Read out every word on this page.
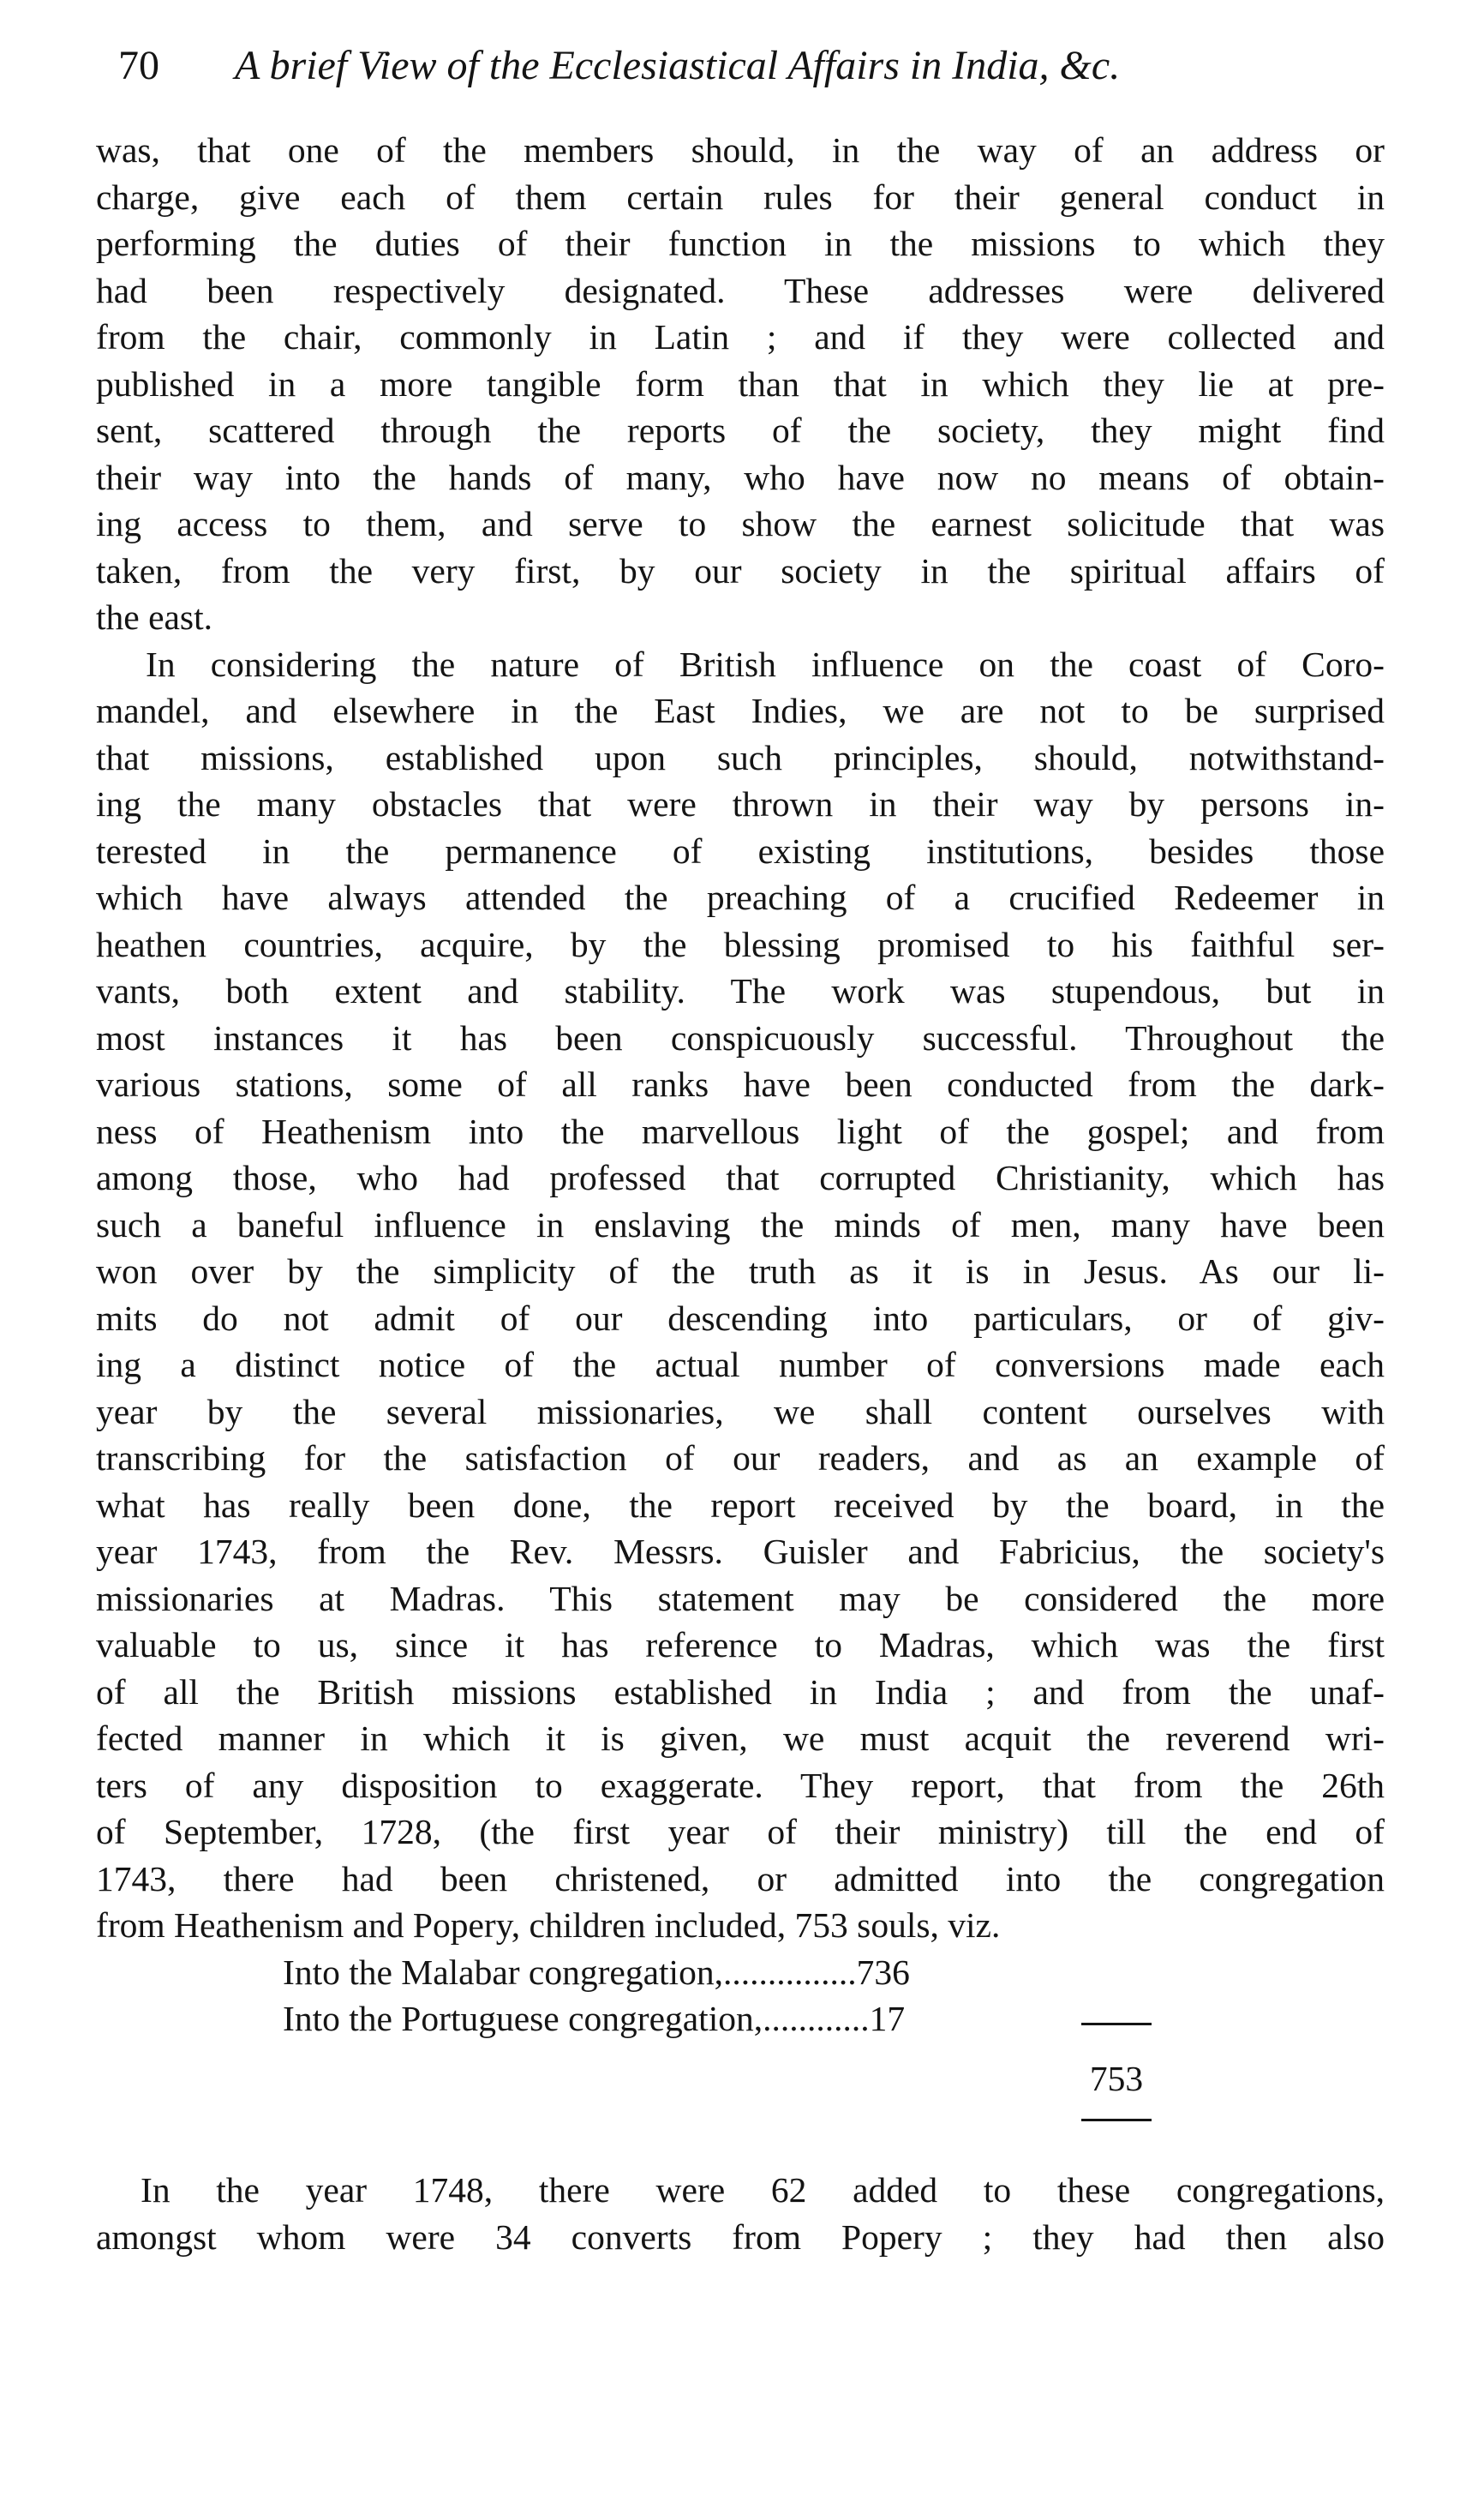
70 A brief View of the Ecclesiastical Affairs in India, &c.
was, that one of the members should, in the way of an address or
charge, give each of them certain rules for their general conduct in
performing the duties of their function in the missions to which they
had been respectively designated. These addresses were delivered
from the chair, commonly in Latin ; and if they were collected and
published in a more tangible form than that in which they lie at pre-
sent, scattered through the reports of the society, they might find
their way into the hands of many, who have now no means of obtain-
ing access to them, and serve to show the earnest solicitude that was
taken, from the very first, by our society in the spiritual affairs of
the east.
In considering the nature of British influence on the coast of Coro-
mandel, and elsewhere in the East Indies, we are not to be surprised
that missions, established upon such principles, should, notwithstand-
ing the many obstacles that were thrown in their way by persons in-
terested in the permanence of existing institutions, besides those
which have always attended the preaching of a crucified Redeemer in
heathen countries, acquire, by the blessing promised to his faithful ser-
vants, both extent and stability. The work was stupendous, but in
most instances it has been conspicuously successful. Throughout the
various stations, some of all ranks have been conducted from the dark-
ness of Heathenism into the marvellous light of the gospel; and from
among those, who had professed that corrupted Christianity, which has
such a baneful influence in enslaving the minds of men, many have been
won over by the simplicity of the truth as it is in Jesus. As our li-
mits do not admit of our descending into particulars, or of giv-
ing a distinct notice of the actual number of conversions made each
year by the several missionaries, we shall content ourselves with
transcribing for the satisfaction of our readers, and as an example of
what has really been done, the report received by the board, in the
year 1743, from the Rev. Messrs. Guisler and Fabricius, the society's
missionaries at Madras. This statement may be considered the more
valuable to us, since it has reference to Madras, which was the first
of all the British missions established in India ; and from the unaf-
fected manner in which it is given, we must acquit the reverend wri-
ters of any disposition to exaggerate. They report, that from the 26th
of September, 1728, (the first year of their ministry) till the end of
1743, there had been christened, or admitted into the congregation
from Heathenism and Popery, children included, 753 souls, viz.
Into the Malabar congregation,...............736
Into the Portuguese congregation,............17
753
In the year 1748, there were 62 added to these congregations,
amongst whom were 34 converts from Popery ; they had then also
